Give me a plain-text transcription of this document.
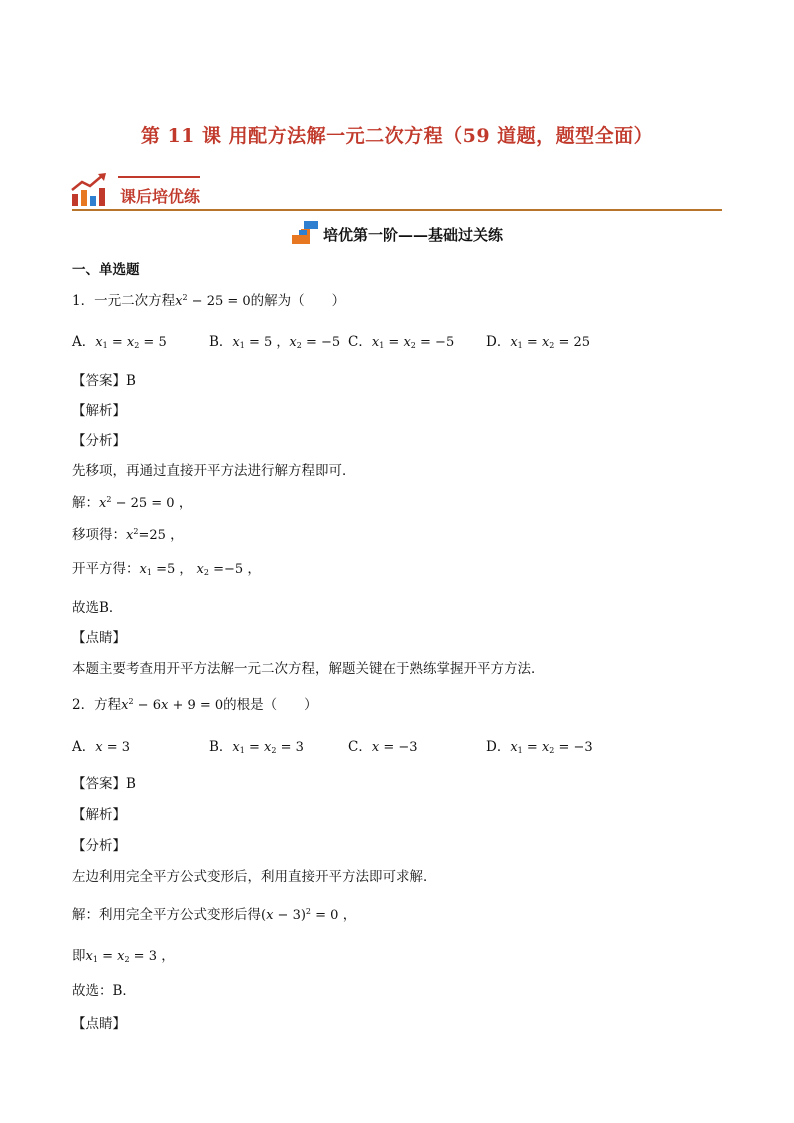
第 11 课 用配方法解一元二次方程（59 道题，题型全面）
课后培优练
培优第一阶——基础过关练
一、单选题
1．一元二次方程$x^2 - 25 = 0$的解为（　　）
A．$x_1 = x_2 = 5$	B．$x_1 = 5$ ，$x_2 = -5$ C．$x_1 = x_2 = -5$ D．$x_1 = x_2 = 25$
【答案】B
【解析】
【分析】
先移项，再通过直接开平方法进行解方程即可．
解：$x^2 - 25 = 0$ ，
移项得：$x^2=25$ ，
开平方得：$x_1 =5$ ， $x_2 =-5$ ，
故选B．
【点睛】
本题主要考查用开平方法解一元二次方程，解题关键在于熟练掌握开平方方法．
2．方程$x^2 - 6x + 9 = 0$的根是（　　）
A．x = 3	B．$x_1 = x_2 = 3$	C．x = −3	D．$x_1 = x_2 = -3$
【答案】B
【解析】
【分析】
左边利用完全平方公式变形后，利用直接开平方法即可求解．
解：利用完全平方公式变形后得$(x - 3)^2 = 0$ ，
即$x_1 = x_2 = 3$ ，
故选：B．
【点睛】
